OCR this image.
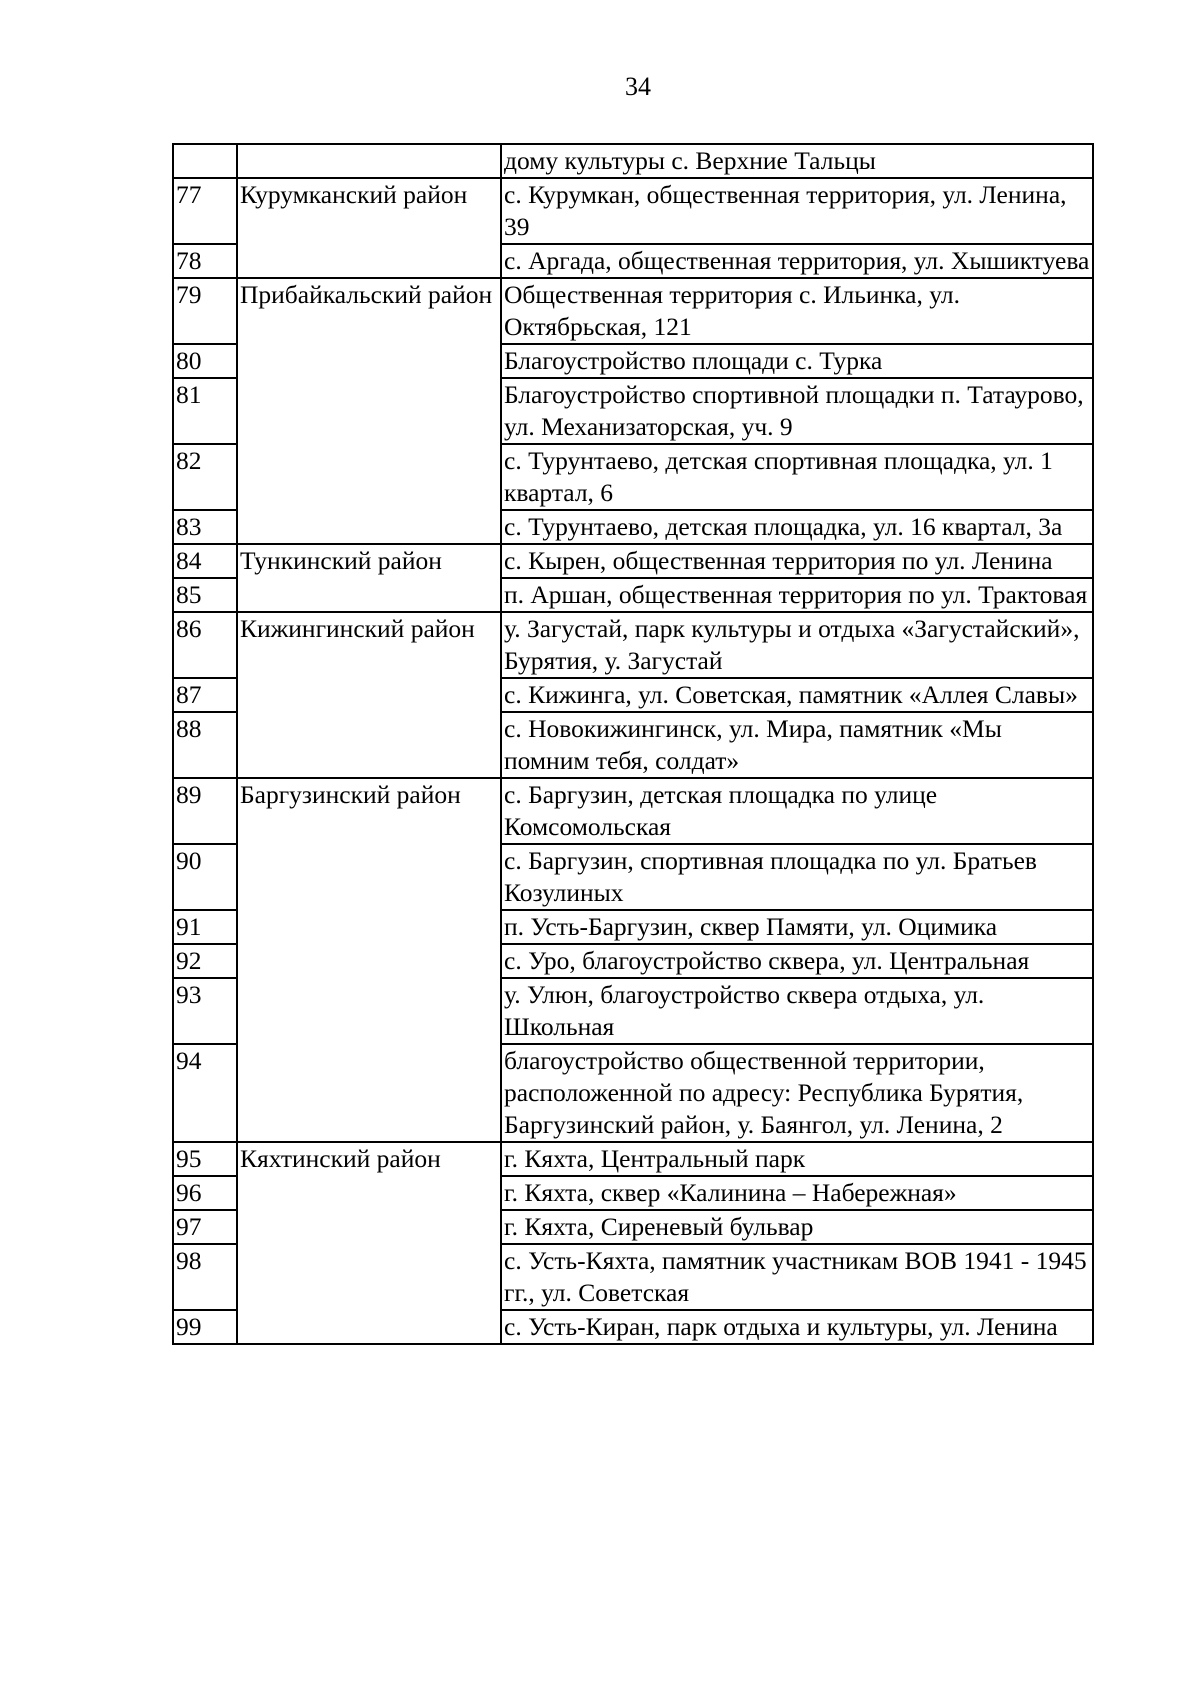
34
		дому культуры с. Верхние Тальцы
77	Курумканский район	с. Курумкан, общественная территория, ул. Ленина, 39
78		с. Аргада, общественная территория, ул. Хышиктуева
79	Прибайкальский район	Общественная территория с. Ильинка, ул. Октябрьская, 121
80		Благоустройство площади с. Турка
81		Благоустройство спортивной площадки п. Татаурово, ул. Механизаторская, уч. 9
82		с. Турунтаево, детская спортивная площадка, ул. 1 квартал, 6
83		с. Турунтаево, детская площадка, ул. 16 квартал, 3а
84	Тункинский район	с. Кырен, общественная территория по ул. Ленина
85		п. Аршан, общественная территория по ул. Трактовая
86	Кижингинский район	у. Загустай, парк культуры и отдыха «Загустайский», Бурятия, у. Загустай
87		с. Кижинга, ул. Советская, памятник «Аллея Славы»
88		с. Новокижингинск, ул. Мира, памятник «Мы помним тебя, солдат»
89	Баргузинский район	с. Баргузин, детская площадка по улице Комсомольская
90		с. Баргузин, спортивная площадка по ул. Братьев Козулиных
91		п. Усть-Баргузин, сквер Памяти, ул. Оцимика
92		с. Уро, благоустройство сквера, ул. Центральная
93		у. Улюн, благоустройство сквера отдыха, ул. Школьная
94		благоустройство общественной территории, расположенной по адресу: Республика Бурятия, Баргузинский район, у. Баянгол, ул. Ленина, 2
95	Кяхтинский район	г. Кяхта, Центральный парк
96		г. Кяхта, сквер «Калинина – Набережная»
97		г. Кяхта, Сиреневый бульвар
98		с. Усть-Кяхта, памятник участникам ВОВ 1941 - 1945 гг., ул. Советская
99		с. Усть-Киран, парк отдыха и культуры, ул. Ленина
